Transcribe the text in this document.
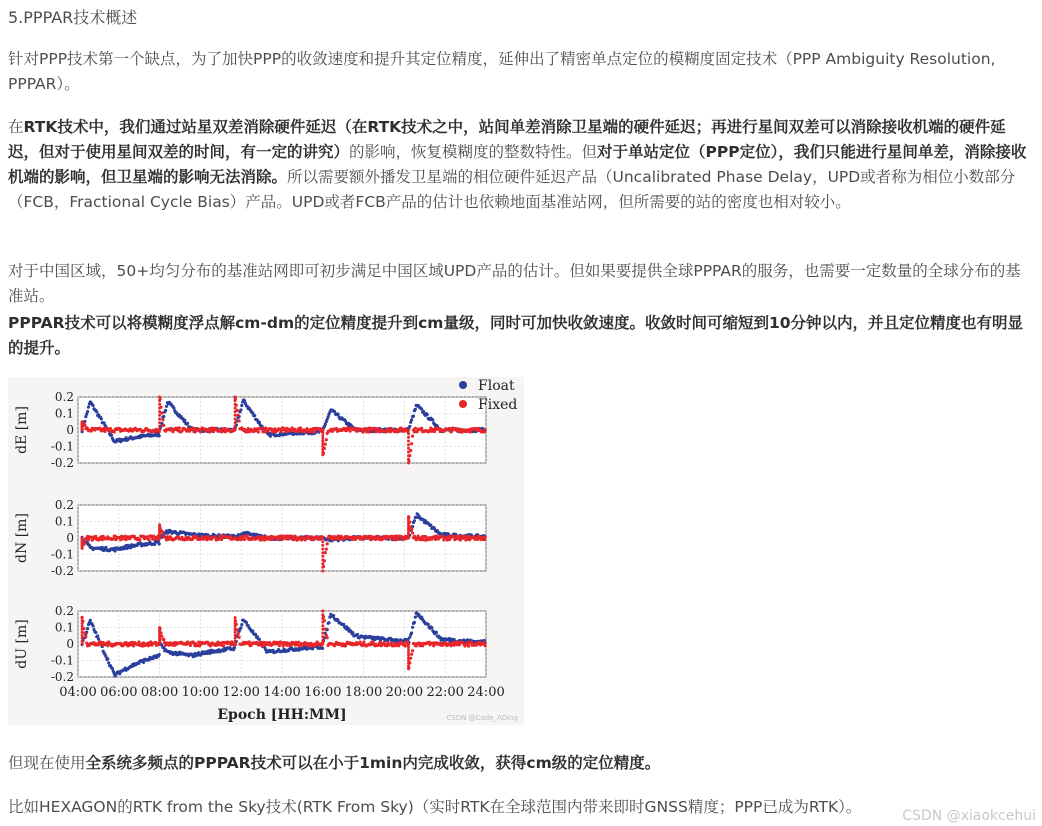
5.PPPAR技术概述

针对PPP技术第一个缺点，为了加快PPP的收敛速度和提升其定位精度，延伸出了精密单点定位的模糊度固定技术（PPP Ambiguity Resolution, PPPAR）。

在RTK技术中，我们通过站星双差消除硬件延迟（在RTK技术之中，站间单差消除卫星端的硬件延迟；再进行星间双差可以消除接收机端的硬件延迟，但对于使用星间双差的时间，有一定的讲究）的影响，恢复模糊度的整数特性。但对于单站定位（PPP定位），我们只能进行星间单差，消除接收机端的影响，但卫星端的影响无法消除。所以需要额外播发卫星端的相位硬件延迟产品（Uncalibrated Phase Delay，UPD或者称为相位小数部分（FCB，Fractional Cycle Bias）产品。UPD或者FCB产品的估计也依赖地面基准站网，但所需要的站的密度也相对较小。

对于中国区域，50+均匀分布的基准站网即可初步满足中国区域UPD产品的估计。但如果要提供全球PPPAR的服务，也需要一定数量的全球分布的基准站。

PPPAR技术可以将模糊度浮点解cm-dm的定位精度提升到cm量级，同时可加快收敛速度。收敛时间可缩短到10分钟以内，并且定位精度也有明显的提升。

0.2
0.1
0
-0.1
-0.2
dE [m]
0.2
0.1
0
-0.1
-0.2
dN [m]
0.2
0.1
0
-0.1
-0.2
dU [m]
04:00 06:00 08:00 10:00 12:00 14:00 16:00 18:00 20:00 22:00 24:00
Epoch [HH:MM]
Float
Fixed
CSDN @Code_ADing

但现在使用全系统多频点的PPPAR技术可以在小于1min内完成收敛，获得cm级的定位精度。

比如HEXAGON的RTK from the Sky技术(RTK From Sky)（实时RTK在全球范围内带来即时GNSS精度；PPP已成为RTK）。	CSDN @xiaokcehui
